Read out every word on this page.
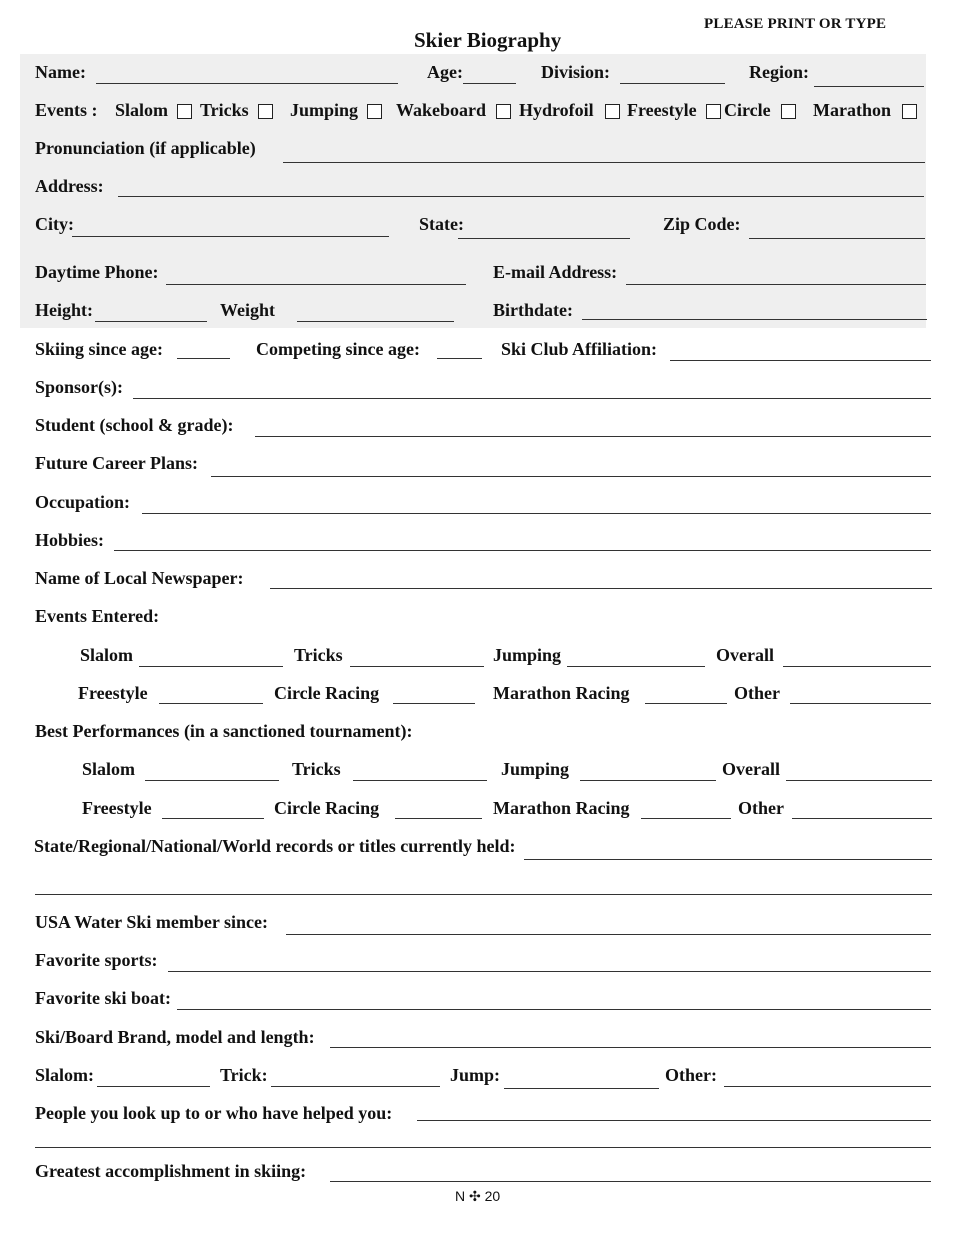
PLEASE PRINT OR TYPE
Skier Biography
Name:	Age:	Division:	Region:
Events : Slalom Tricks Jumping Wakeboard Hydrofoil Freestyle Circle Marathon
Pronunciation (if applicable)
Address:
City:	State:	Zip Code:
Daytime Phone:	E-mail Address:
Height:	Weight	Birthdate:
Skiing since age:	Competing since age:	Ski Club Affiliation:
Sponsor(s):
Student (school & grade):
Future Career Plans:
Occupation:
Hobbies:
Name of Local Newspaper:
Events Entered:
Slalom	Tricks	Jumping	Overall
Freestyle	Circle Racing	Marathon Racing	Other
Best Performances (in a sanctioned tournament):
Slalom	Tricks	Jumping	Overall
Freestyle	Circle Racing	Marathon Racing	Other
State/Regional/National/World records or titles currently held:
USA Water Ski member since:
Favorite sports:
Favorite ski boat:
Ski/Board Brand, model and length:
Slalom:	Trick:	Jump:	Other:
People you look up to or who have helped you:
Greatest accomplishment in skiing:
N ✣ 20
